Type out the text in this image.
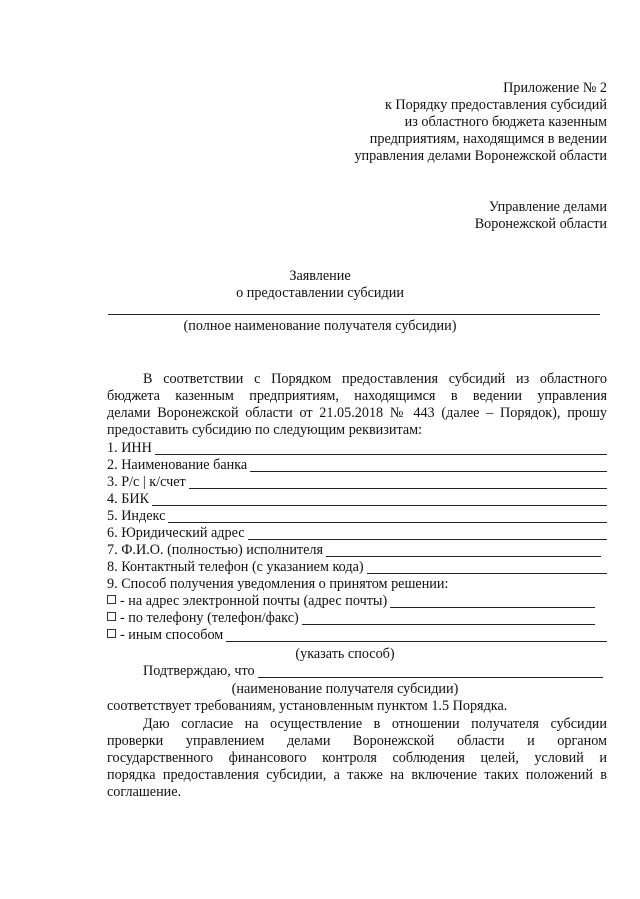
Приложение № 2
к Порядку предоставления субсидий
из областного бюджета казенным
предприятиям, находящимся в ведении
управления делами Воронежской области
Управление делами
Воронежской области
Заявление
о предоставлении субсидии
(полное наименование получателя субсидии)
В соответствии с Порядком предоставления субсидий из областного
бюджета казенным предприятиям, находящимся в ведении управления
делами Воронежской области от 21.05.2018 № 443 (далее – Порядок), прошу
предоставить субсидию по следующим реквизитам:
1. ИНН
2. Наименование банка
3. Р/с | к/счет
4. БИК
5. Индекс
6. Юридический адрес
7. Ф.И.О. (полностью) исполнителя
8. Контактный телефон (с указанием кода)
9. Способ получения уведомления о принятом решении:
- на адрес электронной почты (адрес почты)
- по телефону (телефон/факс)
- иным способом
(указать способ)
Подтверждаю, что
(наименование получателя субсидии)
соответствует требованиям, установленным пунктом 1.5 Порядка.
Даю согласие на осуществление в отношении получателя субсидии
проверки управлением делами Воронежской области и органом
государственного финансового контроля соблюдения целей, условий и
порядка предоставления субсидии, а также на включение таких положений в
соглашение.
